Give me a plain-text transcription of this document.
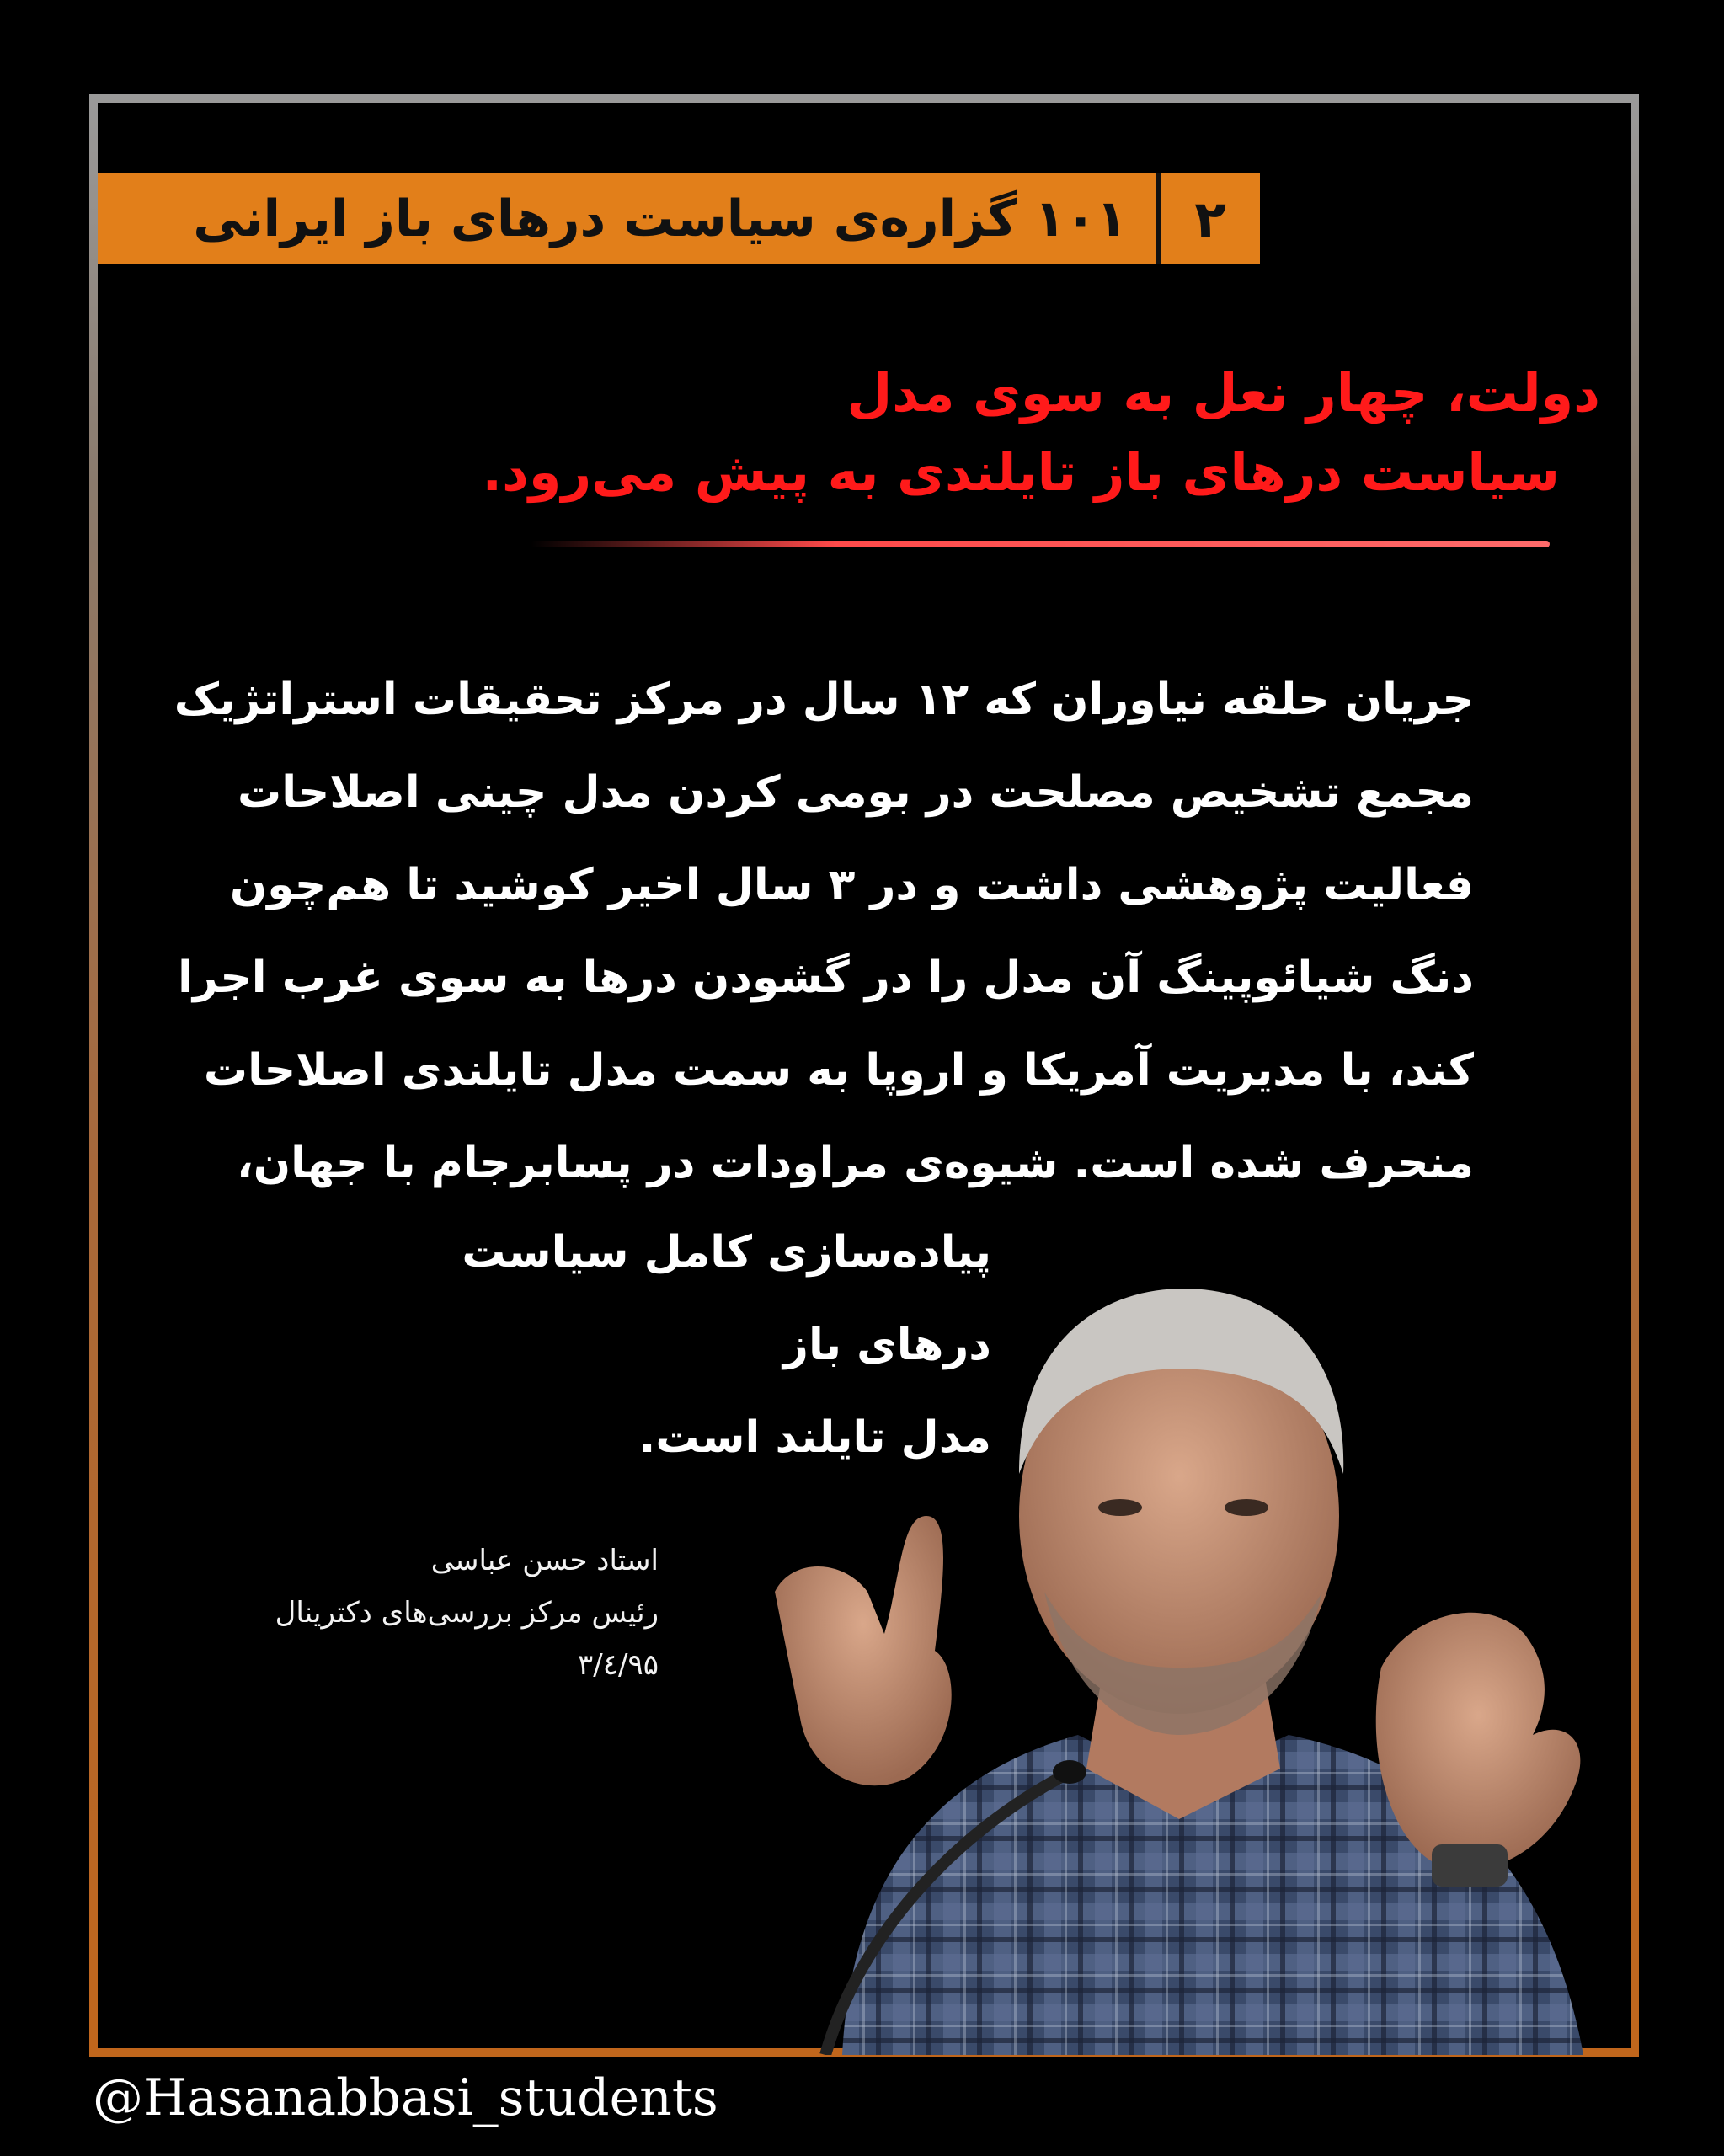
۲
۱۰۱ گزاره‌ی سیاست درهای باز ایرانی
دولت، چهار نعل به سوی مدل
سیاست درهای باز تایلندی به پیش می‌رود.
جریان حلقه نیاوران که ۱۲ سال در مرکز تحقیقات استراتژیک
مجمع تشخیص مصلحت در بومی کردن مدل چینی اصلاحات
فعالیت پژوهشی داشت و در ۳ سال اخیر کوشید تا هم‌چون
دنگ شیائوپینگ آن مدل را در گشودن درها به سوی غرب اجرا
کند، با مدیریت آمریکا و اروپا به سمت مدل تایلندی اصلاحات
منحرف شده است. شیوه‌ی مراودات در پسابرجام با جهان،
پیاده‌سازی کامل سیاست درهای باز
مدل تایلند است.
استاد حسن عباسی
رئیس مرکز بررسی‌های دکترینال
۹۵/٤/۳
@Hasanabbasi_students
